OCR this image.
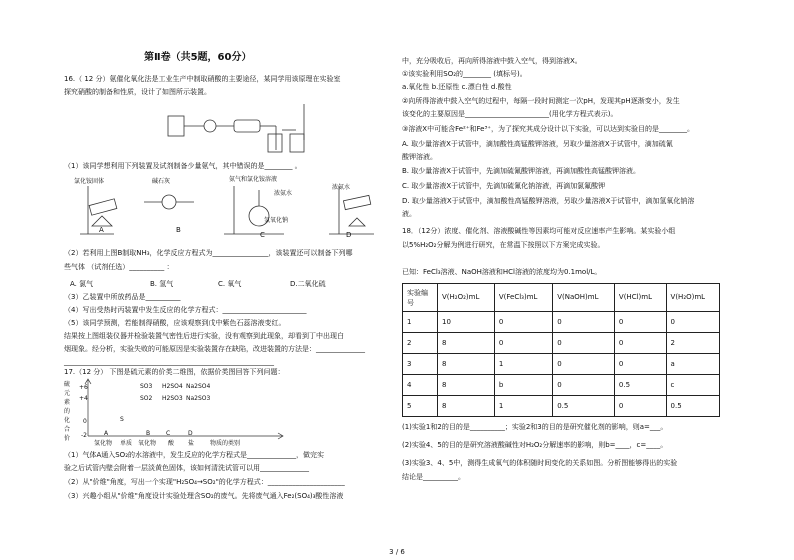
第Ⅱ卷（共5题，60分）
16.（ 12 分）氨催化氧化法是工业生产中制取硝酸的主要途径，某同学用该原理在实验室
探究硝酸的制备和性质，设计了如图所示装置。
（1）该同学想利用下列装置及试剂制备少量氨气，其中错误的是________ 。
氯化铵固体	碱石灰	氨气和氯化铵溶液
浓氨水
浓氨水
氢氧化钠
A	B
C	D
（2）若利用上图B制取NH₃，化学反应方程式为________________，该装置还可以制备下列哪
些气体 （试剂任选）__________ ：
A. 氯气	B. 氢气	C. 氧气	D.二氧化硫
（3）乙装置中所放药品是__________
（4）写出受热时丙装置中发生反应的化学方程式：________________________
（5）该同学预测，若能制得硝酸，应该观察到戊中紫色石蕊溶液变红。
结果按上图组装仪器并检验装置气密性后进行实验，没有观察到此现象，却看到丁中出现白
烟现象。经分析，实验失败的可能原因是实验装置存在缺陷，改进装置的方法是：______________
____________________________________________________________
17.（12 分） 下图是硫元素的价类二维图，依据价类图回答下列问题：
硫元素的化合价
+6
+4
0
-2
SO3 H2SO4 Na2SO4
SO2 H2SO3 Na2SO3
S
A	B	C	D
氢化物 单质 氧化物 酸 盐	物质的类别
（1）气体A通入SO₂的水溶液中，发生反应的化学方程式是______________，做完实
验之后试管内壁会附着一层淡黄色固体，该如何清洗试管可以用______________
（2）从"价维"角度，写出一个实现"H₂SO₄→SO₂"的化学方程式：______________________
（3）兴趣小组从"价维"角度设计实验处理含SO₂的废气。先将废气通入Fe₂(SO₄)₃酸性溶液
中，充分吸收后，再向所得溶液中鼓入空气，得到溶液X。
①该实验利用SO₂的________ (填标号)。
a.氧化性 b.还原性 c.漂白性 d.酸性
②向所得溶液中鼓入空气的过程中，每隔一段时间测定一次pH，发现其pH逐渐变小，发生
该变化的主要原因是________________________(用化学方程式表示)。
③溶液X中可能含Fe²⁺和Fe³⁺，为了探究其成分设计以下实验，可以达到实验目的是________。
A. 取少量溶液X于试管中，滴加酸性高锰酸钾溶液，另取少量溶液X于试管中，滴加硫氰
酸钾溶液。
B. 取少量溶液X于试管中，先滴加硫氰酸钾溶液，再滴加酸性高锰酸钾溶液。
C. 取少量溶液X于试管中，先滴加硫氰化钠溶液，再滴加氯氟酸钾
D. 取少量溶液X于试管中，滴加酸性高锰酸钾溶液，另取少量溶液X于试管中，滴加氢氧化钠溶
液。
18．（12分）浓度、催化剂、溶液酸碱性等因素均可能对反应速率产生影响。某实验小组
以5%H₂O₂分解为例进行研究，在常温下按照以下方案完成实验。
已知：FeCl₃溶液、NaOH溶液和HCl溶液的浓度均为0.1mol/L。
实验编号	V(H₂O₂)mL	V(FeCl₃)mL	V(NaOH)mL	V(HCl)mL	V(H₂O)mL
1	10	0	0	0	0
2	8	0	0	0	2
3	8	1	0	0	a
4	8	b	0	0.5	c
5	8	1	0.5	0	0.5
(1)实验1和2的目的是__________；实验2和3的目的是研究催化剂的影响，则a=___。
(2)实验4、5的目的是研究溶液酸碱性对H₂O₂分解速率的影响，则b=____，c=____。
(3)实验3、4、5中，测得生成氧气的体积随时间变化的关系如图。分析图能够得出的实验
结论是__________。
3 / 6
